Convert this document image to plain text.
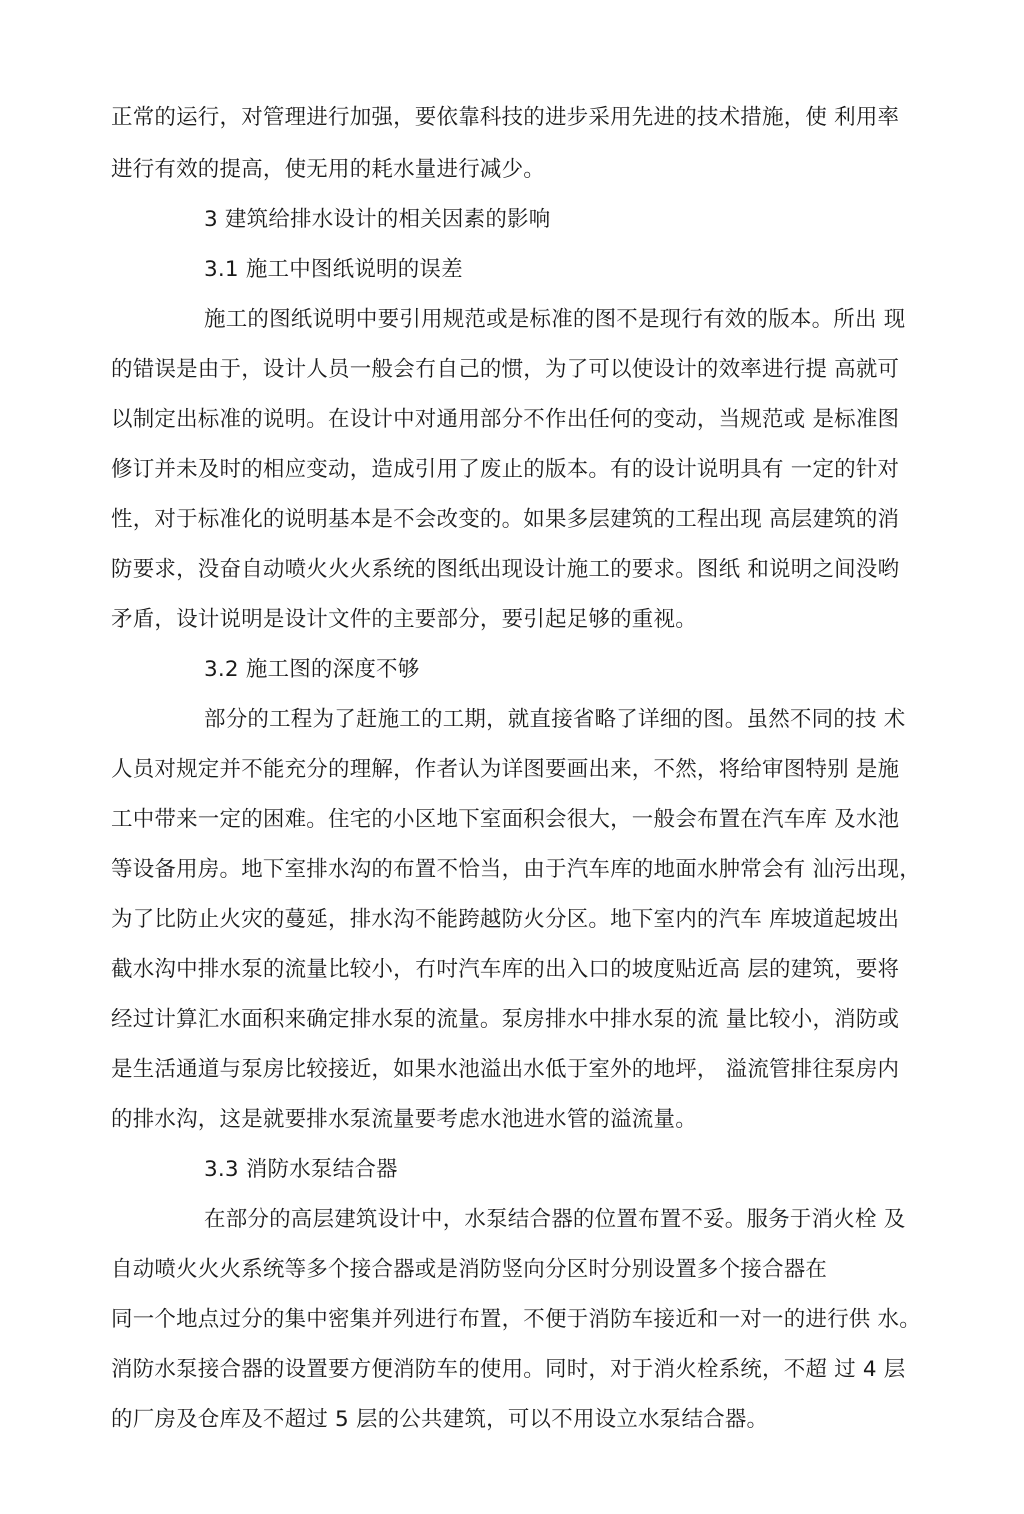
正常的运行，对管理进行加强，要依靠科技的进步采用先进的技术措施，使 利用率
进行有效的提高，使无用的耗水量进行减少。
3 建筑给排水设计的相关因素的影响
3.1 施工中图纸说明的误差
施工的图纸说明中要引用规范或是标准的图不是现行有效的版本。所出 现
的错误是由于，设计人员一般会冇自己的惯，为了可以使设计的效率进行提 高就可
以制定出标准的说明。在设计中对通用部分不作出任何的变动，当规范或 是标准图
修订并未及时的相应变动，造成引用了废止的版本。有的设计说明具有 一定的针对
性，对于标准化的说明基本是不会改变的。如果多层建筑的工程出现 高层建筑的消
防要求，没奋自动喷火火火系统的图纸出现设计施工的要求。图纸 和说明之间没哟
矛盾，设计说明是设计文件的主要部分，要引起足够的重视。
3.2 施工图的深度不够
部分的工程为了赶施工的工期，就直接省略了详细的图。虽然不同的技 术
人员对规定并不能充分的理解，作者认为详图要画出来，不然，将给审图特别 是施
工中带来一定的困难。住宅的小区地下室面积会很大，一般会布置在汽车库 及水池
等设备用房。地下室排水沟的布置不恰当，由于汽车库的地面水肿常会有 汕污出现，
为了比防止火灾的蔓延，排水沟不能跨越防火分区。地下室内的汽车 库坡道起坡出
截水沟中排水泵的流量比较小，冇吋汽车库的出入口的坡度贴近高 层的建筑，要将
经过计算汇水面积来确定排水泵的流量。泵房排水中排水泵的流 量比较小，消防或
是生活通道与泵房比较接近，如果水池溢出水低于室外的地坪， 溢流管排往泵房内
的排水沟，这是就要排水泵流量要考虑水池进水管的溢流量。
3.3 消防水泵结合器
在部分的高层建筑设计中，水泵结合器的位置布置不妥。服务于消火栓 及
自动喷火火火系统等多个接合器或是消防竖向分区时分别设置多个接合器在
同一个地点过分的集中密集并列进行布置，不便于消防车接近和一对一的进行供 水。
消防水泵接合器的设置要方便消防车的使用。同时，对于消火栓系统，不超 过 4 层
的厂房及仓库及不超过 5 层的公共建筑，可以不用设立水泵结合器。
